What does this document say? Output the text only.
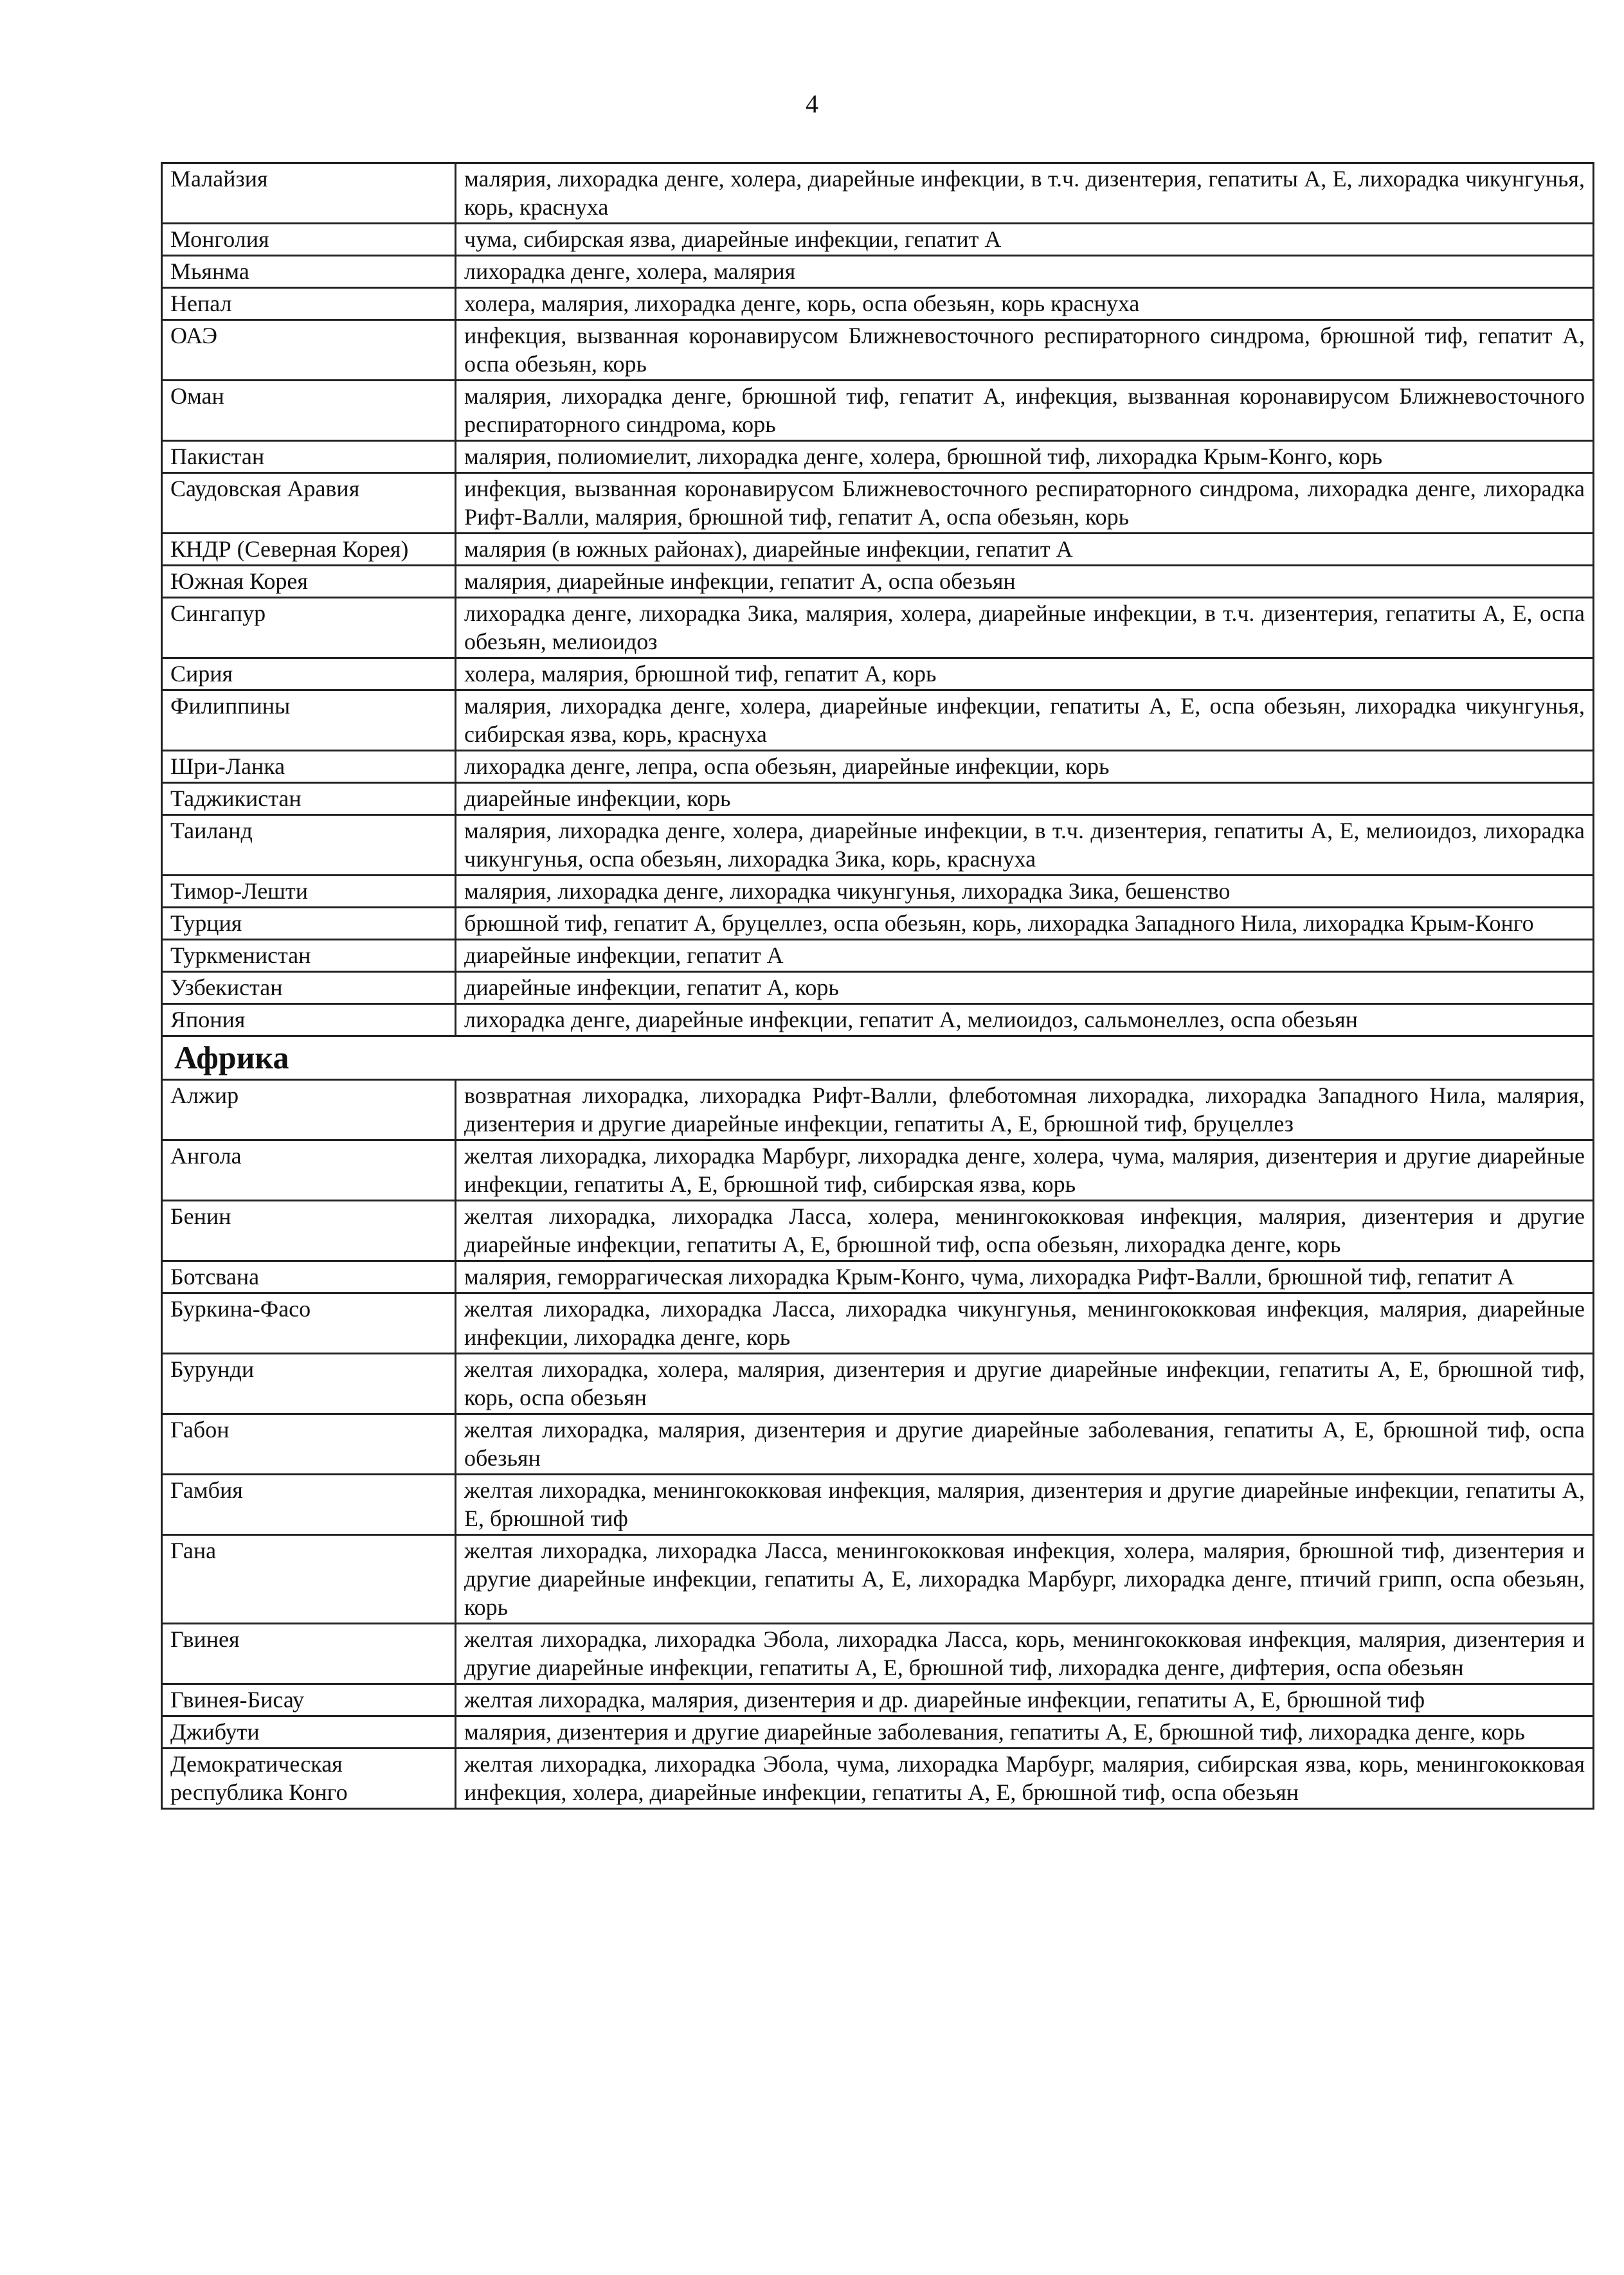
4
Малайзия	малярия, лихорадка денге, холера, диарейные инфекции, в т.ч. дизентерия, гепатиты А, Е, лихорадка чикунгунья, корь, краснуха
Монголия	чума, сибирская язва, диарейные инфекции, гепатит А
Мьянма	лихорадка денге, холера, малярия
Непал	холера, малярия, лихорадка денге, корь, оспа обезьян, корь краснуха
ОАЭ	инфекция, вызванная коронавирусом Ближневосточного респираторного синдрома, брюшной тиф, гепатит А, оспа обезьян, корь
Оман	малярия, лихорадка денге, брюшной тиф, гепатит А, инфекция, вызванная коронавирусом Ближневосточного респираторного синдрома, корь
Пакистан	малярия, полиомиелит, лихорадка денге, холера, брюшной тиф, лихорадка Крым-Конго, корь
Саудовская Аравия	инфекция, вызванная коронавирусом Ближневосточного респираторного синдрома, лихорадка денге, лихорадка Рифт-Валли, малярия, брюшной тиф, гепатит А, оспа обезьян, корь
КНДР (Северная Корея)	малярия (в южных районах), диарейные инфекции, гепатит А
Южная Корея	малярия, диарейные инфекции, гепатит А, оспа обезьян
Сингапур	лихорадка денге, лихорадка Зика, малярия, холера, диарейные инфекции, в т.ч. дизентерия, гепатиты А, Е, оспа обезьян, мелиоидоз
Сирия	холера, малярия, брюшной тиф, гепатит А, корь
Филиппины	малярия, лихорадка денге, холера, диарейные инфекции, гепатиты А, Е, оспа обезьян, лихорадка чикунгунья, сибирская язва, корь, краснуха
Шри-Ланка	лихорадка денге, лепра, оспа обезьян, диарейные инфекции, корь
Таджикистан	диарейные инфекции, корь
Таиланд	малярия, лихорадка денге, холера, диарейные инфекции, в т.ч. дизентерия, гепатиты А, Е, мелиоидоз, лихорадка чикунгунья, оспа обезьян, лихорадка Зика, корь, краснуха
Тимор-Лешти	малярия, лихорадка денге, лихорадка чикунгунья, лихорадка Зика, бешенство
Турция	брюшной тиф, гепатит А, бруцеллез, оспа обезьян, корь, лихорадка Западного Нила, лихорадка Крым-Конго
Туркменистан	диарейные инфекции, гепатит А
Узбекистан	диарейные инфекции, гепатит А, корь
Япония	лихорадка денге, диарейные инфекции, гепатит А, мелиоидоз, сальмонеллез, оспа обезьян
Африка	
Алжир	возвратная лихорадка, лихорадка Рифт-Валли, флеботомная лихорадка, лихорадка Западного Нила, малярия, дизентерия и другие диарейные инфекции, гепатиты А, Е, брюшной тиф, бруцеллез
Ангола	желтая лихорадка, лихорадка Марбург, лихорадка денге, холера, чума, малярия, дизентерия и другие диарейные инфекции, гепатиты А, Е, брюшной тиф, сибирская язва, корь
Бенин	желтая лихорадка, лихорадка Ласса, холера, менингококковая инфекция, малярия, дизентерия и другие диарейные инфекции, гепатиты А, Е, брюшной тиф, оспа обезьян, лихорадка денге, корь
Ботсвана	малярия, геморрагическая лихорадка Крым-Конго, чума, лихорадка Рифт-Валли, брюшной тиф, гепатит А
Буркина-Фасо	желтая лихорадка, лихорадка Ласса, лихорадка чикунгунья, менингококковая инфекция, малярия, диарейные инфекции, лихорадка денге, корь
Бурунди	желтая лихорадка, холера, малярия, дизентерия и другие диарейные инфекции, гепатиты А, Е, брюшной тиф, корь, оспа обезьян
Габон	желтая лихорадка, малярия, дизентерия и другие диарейные заболевания, гепатиты А, Е, брюшной тиф, оспа обезьян
Гамбия	желтая лихорадка, менингококковая инфекция, малярия, дизентерия и другие диарейные инфекции, гепатиты А, Е, брюшной тиф
Гана	желтая лихорадка, лихорадка Ласса, менингококковая инфекция, холера, малярия, брюшной тиф, дизентерия и другие диарейные инфекции, гепатиты А, Е, лихорадка Марбург, лихорадка денге, птичий грипп, оспа обезьян, корь
Гвинея	желтая лихорадка, лихорадка Эбола, лихорадка Ласса, корь, менингококковая инфекция, малярия, дизентерия и другие диарейные инфекции, гепатиты А, Е, брюшной тиф, лихорадка денге, дифтерия, оспа обезьян
Гвинея-Бисау	желтая лихорадка, малярия, дизентерия и др. диарейные инфекции, гепатиты А, Е, брюшной тиф
Джибути	малярия, дизентерия и другие диарейные заболевания, гепатиты А, Е, брюшной тиф, лихорадка денге, корь
Демократическая республика Конго	желтая лихорадка, лихорадка Эбола, чума, лихорадка Марбург, малярия, сибирская язва, корь, менингококковая инфекция, холера, диарейные инфекции, гепатиты А, Е, брюшной тиф, оспа обезьян
